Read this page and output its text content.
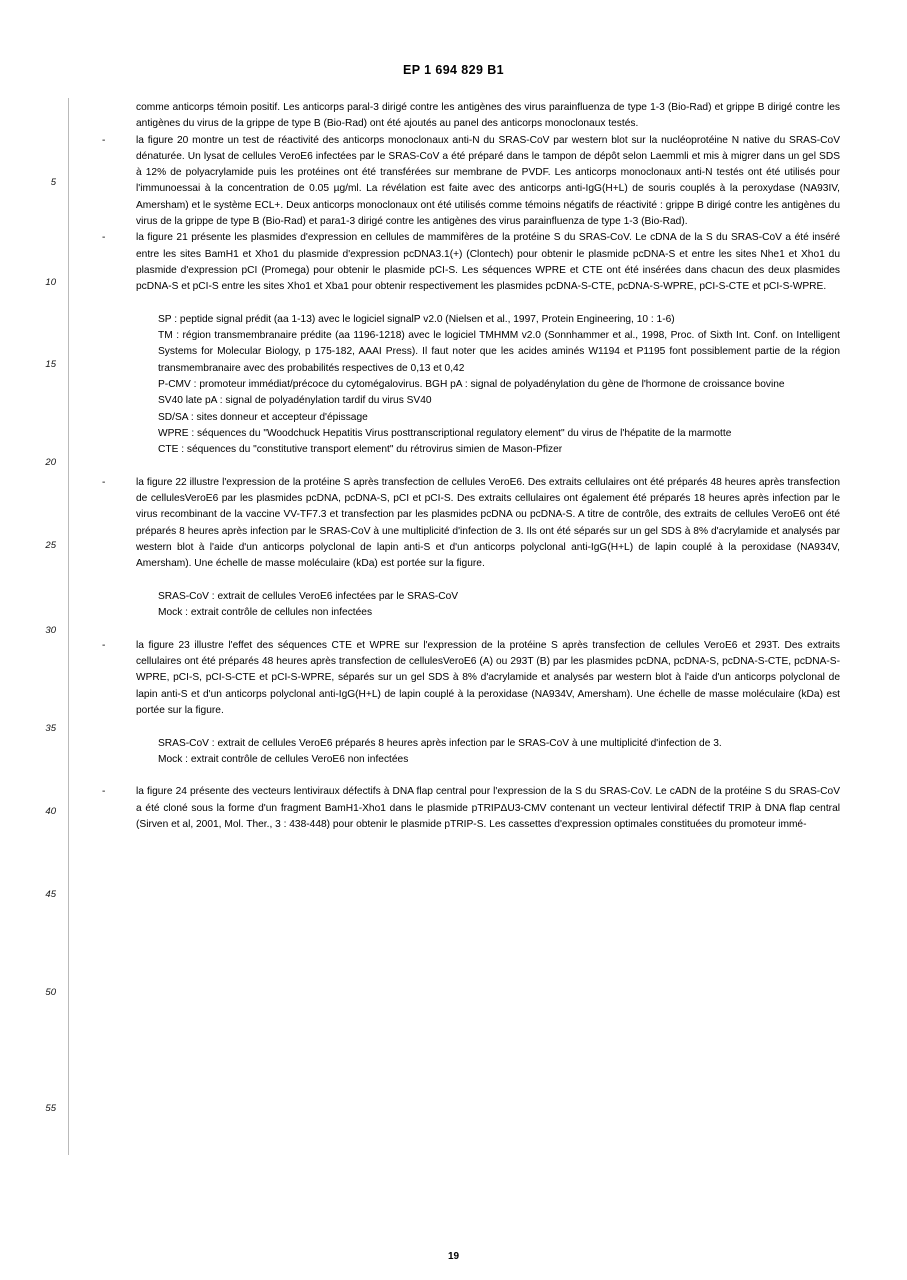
EP 1 694 829 B1
5
10
15
20
25
30
35
40
45
50
55

comme anticorps témoin positif. Les anticorps paral-3 dirigé contre les antigènes des virus parainfluenza de type 1-3 (Bio-Rad) et grippe B dirigé contre les antigènes du virus de la grippe de type B (Bio-Rad) ont été ajoutés au panel des anticorps monoclonaux testés.

-	la figure 20 montre un test de réactivité des anticorps monoclonaux anti-N du SRAS-CoV par western blot sur la nucléoprotéine N native du SRAS-CoV dénaturée. Un lysat de cellules VeroE6 infectées par le SRAS-CoV a été préparé dans le tampon de dépôt selon Laemmli et mis à migrer dans un gel SDS à 12% de polyacrylamide puis les protéines ont été transférées sur membrane de PVDF. Les anticorps monoclonaux anti-N testés ont été utilisés pour l'immunoessai à la concentration de 0.05 µg/ml. La révélation est faite avec des anticorps anti-IgG(H+L) de souris couplés à la peroxydase (NA93IV, Amersham) et le système ECL+. Deux anticorps monoclonaux ont été utilisés comme témoins négatifs de réactivité : grippe B dirigé contre les antigènes du virus de la grippe de type B (Bio-Rad) et para1-3 dirigé contre les antigènes des virus parainfluenza de type 1-3 (Bio-Rad).
-	la figure 21 présente les plasmides d'expression en cellules de mammifères de la protéine S du SRAS-CoV. Le cDNA de la S du SRAS-CoV a été inséré entre les sites BamH1 et Xho1 du plasmide d'expression pcDNA3.1(+) (Clontech) pour obtenir le plasmide pcDNA-S et entre les sites Nhe1 et Xho1 du plasmide d'expression pCI (Promega) pour obtenir le plasmide pCI-S. Les séquences WPRE et CTE ont été insérées dans chacun des deux plasmides pcDNA-S et pCI-S entre les sites Xho1 et Xba1 pour obtenir respectivement les plasmides pcDNA-S-CTE, pcDNA-S-WPRE, pCI-S-CTE et pCI-S-WPRE.
SP : peptide signal prédit (aa 1-13) avec le logiciel signalP v2.0 (Nielsen et al., 1997, Protein Engineering, 10 : 1-6)
TM : région transmembranaire prédite (aa 1196-1218) avec le logiciel TMHMM v2.0 (Sonnhammer et al., 1998, Proc. of Sixth Int. Conf. on Intelligent Systems for Molecular Biology, p 175-182, AAAI Press). Il faut noter que les acides aminés W1194 et P1195 font possiblement partie de la région transmembranaire avec des probabilités respectives de 0,13 et 0,42
P-CMV : promoteur immédiat/précoce du cytomégalovirus. BGH pA : signal de polyadénylation du gène de l'hormone de croissance bovine
SV40 late pA : signal de polyadénylation tardif du virus SV40
SD/SA : sites donneur et accepteur d'épissage
WPRE : séquences du "Woodchuck Hepatitis Virus posttranscriptional regulatory element" du virus de l'hépatite de la marmotte
CTE : séquences du "constitutive transport element" du rétrovirus simien de Mason-Pfizer
-	la figure 22 illustre l'expression de la protéine S après transfection de cellules VeroE6. Des extraits cellulaires ont été préparés 48 heures après transfection de cellulesVeroE6 par les plasmides pcDNA, pcDNA-S, pCI et pCI-S. Des extraits cellulaires ont également été préparés 18 heures après infection par le virus recombinant de la vaccine VV-TF7.3 et transfection par les plasmides pcDNA ou pcDNA-S. A titre de contrôle, des extraits de cellules VeroE6 ont été préparés 8 heures après infection par le SRAS-CoV à une multiplicité d'infection de 3. Ils ont été séparés sur un gel SDS à 8% d'acrylamide et analysés par western blot à l'aide d'un anticorps polyclonal de lapin anti-S et d'un anticorps polyclonal anti-IgG(H+L) de lapin couplé à la peroxidase (NA934V, Amersham). Une échelle de masse moléculaire (kDa) est portée sur la figure.
SRAS-CoV : extrait de cellules VeroE6 infectées par le SRAS-CoV
Mock : extrait contrôle de cellules non infectées
-	la figure 23 illustre l'effet des séquences CTE et WPRE sur l'expression de la protéine S après transfection de cellules VeroE6 et 293T. Des extraits cellulaires ont été préparés 48 heures après transfection de cellulesVeroE6 (A) ou 293T (B) par les plasmides pcDNA, pcDNA-S, pcDNA-S-CTE, pcDNA-S-WPRE, pCI-S, pCI-S-CTE et pCI-S-WPRE, séparés sur un gel SDS à 8% d'acrylamide et analysés par western blot à l'aide d'un anticorps polyclonal de lapin anti-S et d'un anticorps polyclonal anti-IgG(H+L) de lapin couplé à la peroxidase (NA934V, Amersham). Une échelle de masse moléculaire (kDa) est portée sur la figure.
SRAS-CoV : extrait de cellules VeroE6 préparés 8 heures après infection par le SRAS-CoV à une multiplicité d'infection de 3.
Mock : extrait contrôle de cellules VeroE6 non infectées
-	la figure 24 présente des vecteurs lentiviraux défectifs à DNA flap central pour l'expression de la S du SRAS-CoV. Le cADN de la protéine S du SRAS-CoV a été cloné sous la forme d'un fragment BamH1-Xho1 dans le plasmide pTRIPΔU3-CMV contenant un vecteur lentiviral défectif TRIP à DNA flap central (Sirven et al, 2001, Mol. Ther., 3 : 438-448) pour obtenir le plasmide pTRIP-S. Les cassettes d'expression optimales constituées du promoteur immé-
19
